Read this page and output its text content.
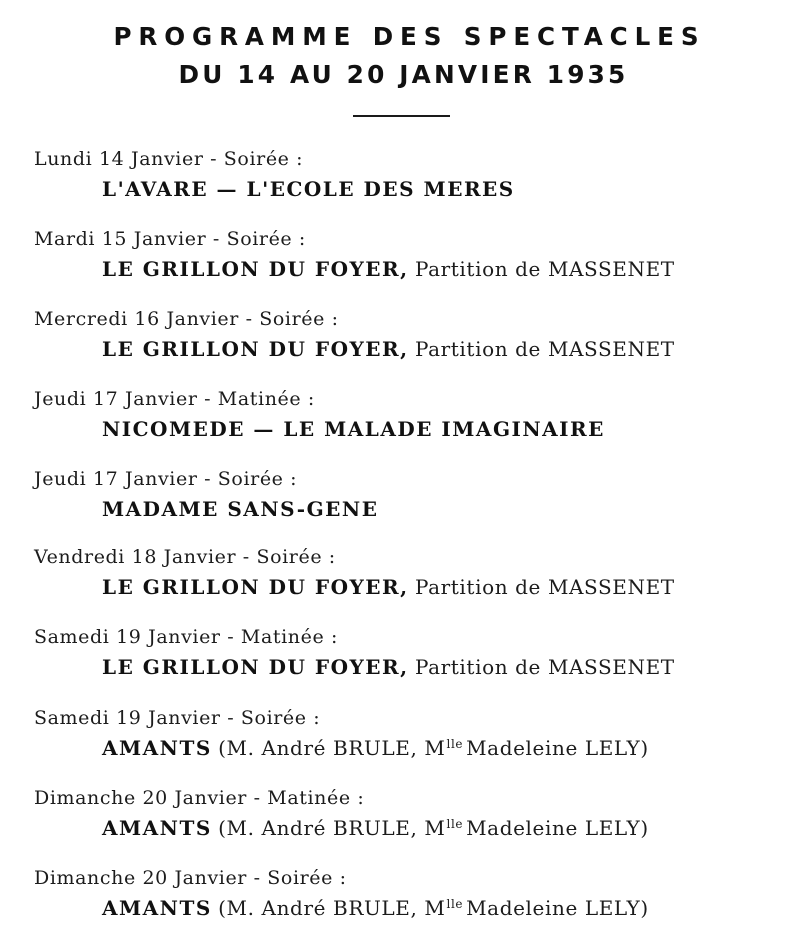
PROGRAMME DES SPECTACLES
DU 14 AU 20 JANVIER 1935
Lundi 14 Janvier - Soirée :
L'AVARE — L'ECOLE DES MERES
Mardi 15 Janvier - Soirée :
LE GRILLON DU FOYER, Partition de MASSENET
Mercredi 16 Janvier - Soirée :
LE GRILLON DU FOYER, Partition de MASSENET
Jeudi 17 Janvier - Matinée :
NICOMEDE — LE MALADE IMAGINAIRE
Jeudi 17 Janvier - Soirée :
MADAME SANS-GENE
Vendredi 18 Janvier - Soirée :
LE GRILLON DU FOYER, Partition de MASSENET
Samedi 19 Janvier - Matinée :
LE GRILLON DU FOYER, Partition de MASSENET
Samedi 19 Janvier - Soirée :
AMANTS (M. André BRULE, $M^{lle}$ Madeleine LELY)
Dimanche 20 Janvier - Matinée :
AMANTS (M. André BRULE, $M^{lle}$ Madeleine LELY)
Dimanche 20 Janvier - Soirée :
AMANTS (M. André BRULE, $M^{lle}$ Madeleine LELY)
